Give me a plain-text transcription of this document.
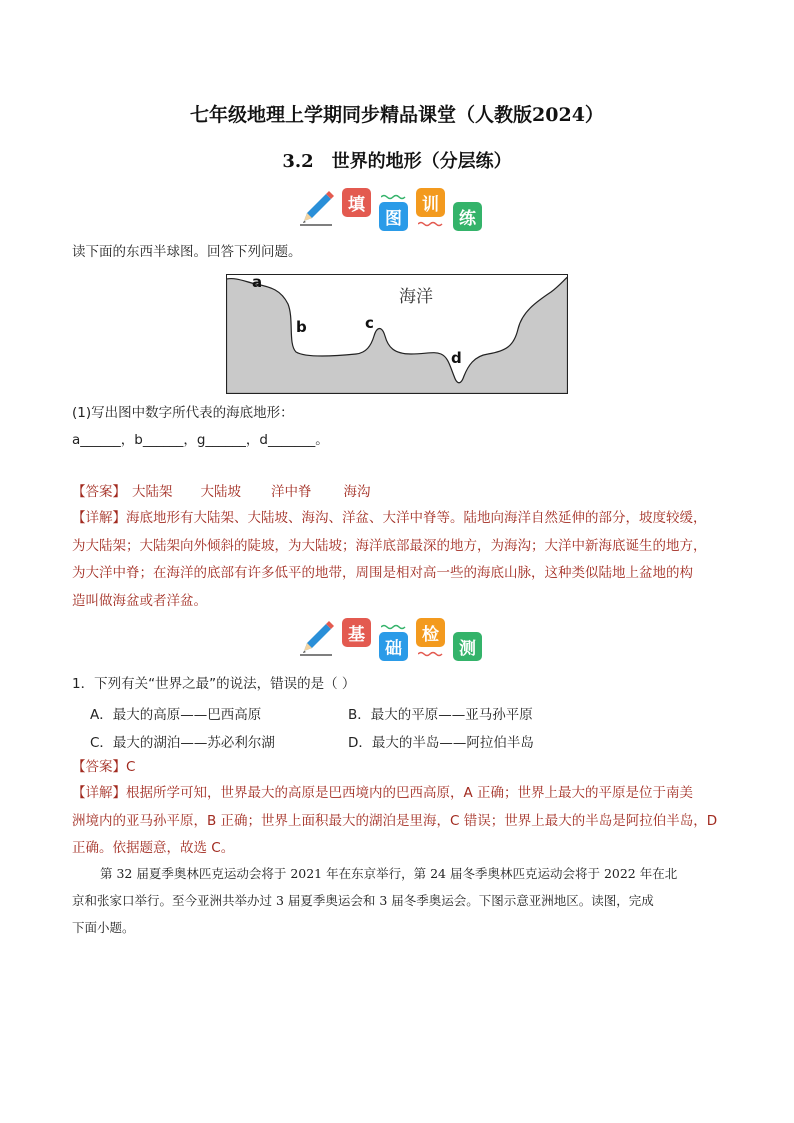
七年级地理上学期同步精品课堂（人教版2024）
3.2 世界的地形（分层练）
填
图
训
练
读下面的东西半球图。回答下列问题。
海洋
a
b	c
d
(1)写出图中数字所代表的海底地形：
a______，b______，g______，d_______。
【答案】 大陆架 大陆坡 洋中脊 海沟
【详解】海底地形有大陆架、大陆坡、海沟、洋盆、大洋中脊等。陆地向海洋自然延伸的部分，坡度较缓，
为大陆架；大陆架向外倾斜的陡坡，为大陆坡；海洋底部最深的地方，为海沟；大洋中新海底诞生的地方，
为大洋中脊；在海洋的底部有许多低平的地带，周围是相对高一些的海底山脉，这种类似陆地上盆地的构
造叫做海盆或者洋盆。
基
础
检
测
1．下列有关“世界之最”的说法，错误的是（ ）
A．最大的高原——巴西高原	B．最大的平原——亚马孙平原
C．最大的湖泊——苏必利尔湖	D．最大的半岛——阿拉伯半岛
【答案】C
【详解】根据所学可知，世界最大的高原是巴西境内的巴西高原，A 正确；世界上最大的平原是位于南美
洲境内的亚马孙平原，B 正确；世界上面积最大的湖泊是里海，C 错误；世界上最大的半岛是阿拉伯半岛，D
正确。依据题意，故选 C。
第 32 届夏季奥林匹克运动会将于 2021 年在东京举行，第 24 届冬季奥林匹克运动会将于 2022 年在北
京和张家口举行。至今亚洲共举办过 3 届夏季奥运会和 3 届冬季奥运会。下图示意亚洲地区。读图，完成
下面小题。
